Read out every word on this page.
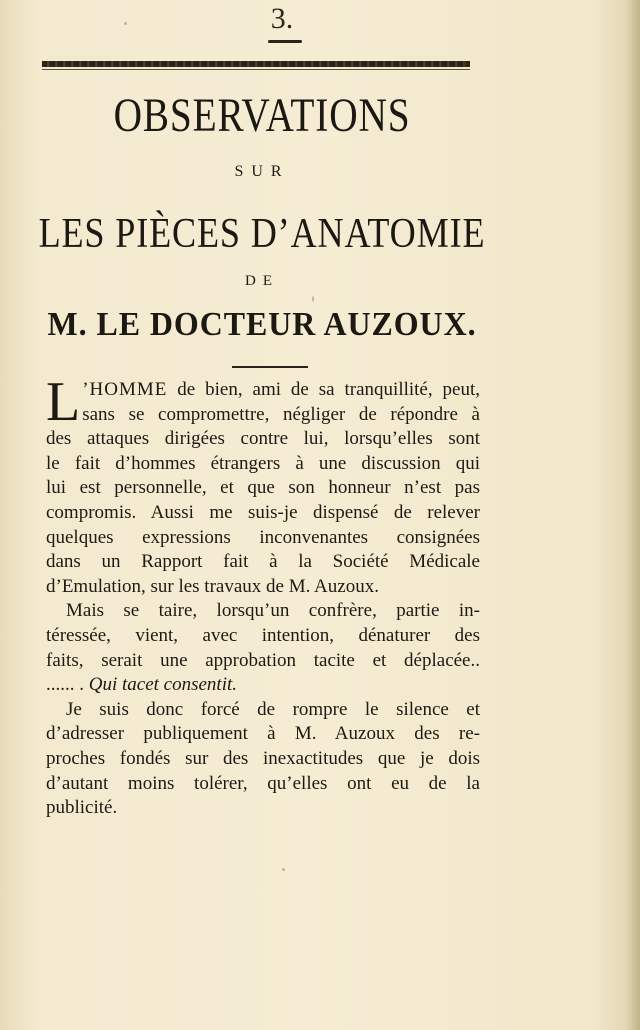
3.
OBSERVATIONS
SUR
LES PIÈCES D’ANATOMIE
DE
M. LE DOCTEUR AUZOUX.
L ’HOMME de bien, ami de sa tranquillité, peut,
sans se compromettre, négliger de répondre à
des attaques dirigées contre lui, lorsqu’elles sont
le fait d’hommes étrangers à une discussion qui
lui est personnelle, et que son honneur n’est pas
compromis. Aussi me suis-je dispensé de relever
quelques expressions inconvenantes consignées
dans un Rapport fait à la Société Médicale
d’Emulation, sur les travaux de M. Auzoux.
Mais se taire, lorsqu’un confrère, partie in-
téressée, vient, avec intention, dénaturer des
faits, serait une approbation tacite et déplacée..
...... . Qui tacet consentit.
Je suis donc forcé de rompre le silence et
d’adresser publiquement à M. Auzoux des re-
proches fondés sur des inexactitudes que je dois
d’autant moins tolérer, qu’elles ont eu de la
publicité.
